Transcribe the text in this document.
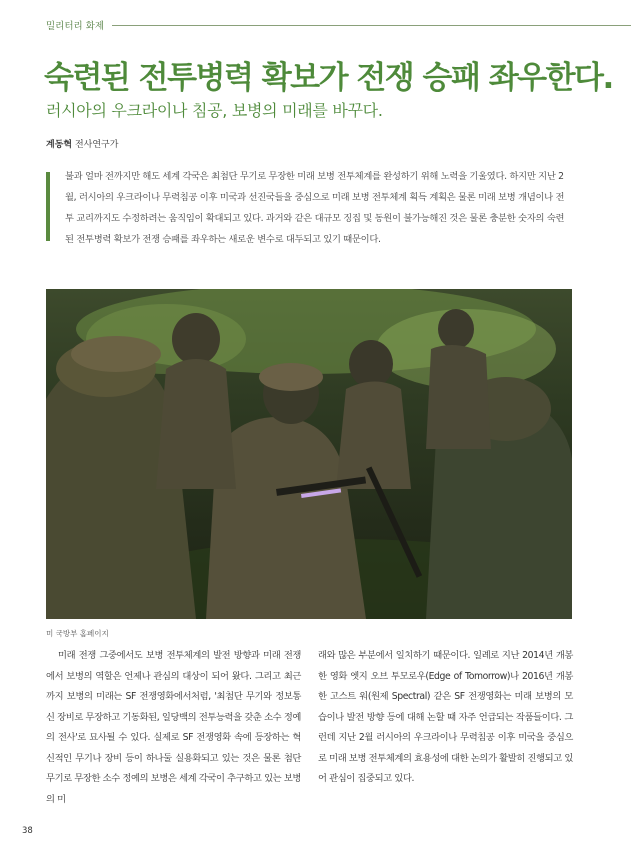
밀리터리 화제
숙련된 전투병력 확보가 전쟁 승패 좌우한다.
러시아의 우크라이나 침공, 보병의 미래를 바꾸다.
계동혁 전사연구가

불과 얼마 전까지만 해도 세계 각국은 최첨단 무기로 무장한 미래 보병 전투체계를 완성하기 위해 노력을 기울였다. 하지만 지난 2월, 러시아의 우크라이나 무력침공 이후 미국과 선진국들을 중심으로 미래 보병 전투체계 획득 계획은 물론 미래 보병 개념이나 전투 교리까지도 수정하려는 움직임이 확대되고 있다. 과거와 같은 대규모 징집 및 동원이 불가능해진 것은 물론 충분한 숫자의 숙련된 전투병력 확보가 전쟁 승패를 좌우하는 새로운 변수로 대두되고 있기 때문이다.

미 국방부 홈페이지

미래 전쟁 그중에서도 보병 전투체계의 발전 방향과 미래 전쟁에서 보병의 역할은 언제나 관심의 대상이 되어 왔다. 그리고 최근까지 보병의 미래는 SF 전쟁영화에서처럼, '최첨단 무기와 정보통신 장비로 무장하고 기동화된, 일당백의 전투능력을 갖춘 소수 정예의 전사'로 묘사될 수 있다. 실제로 SF 전쟁영화 속에 등장하는 혁신적인 무기나 장비 등이 하나둘 실용화되고 있는 것은 물론 첨단 무기로 무장한 소수 정예의 보병은 세계 각국이 추구하고 있는 보병의 미

래와 많은 부분에서 일치하기 때문이다. 일례로 지난 2014년 개봉한 영화 엣지 오브 투모로우(Edge of Tomorrow)나 2016년 개봉한 고스트 워(원제 Spectral) 같은 SF 전쟁영화는 미래 보병의 모습이나 발전 방향 등에 대해 논할 때 자주 언급되는 작품들이다. 그런데 지난 2월 러시아의 우크라이나 무력침공 이후 미국을 중심으로 미래 보병 전투체계의 효용성에 대한 논의가 활발히 진행되고 있어 관심이 집중되고 있다.

38
